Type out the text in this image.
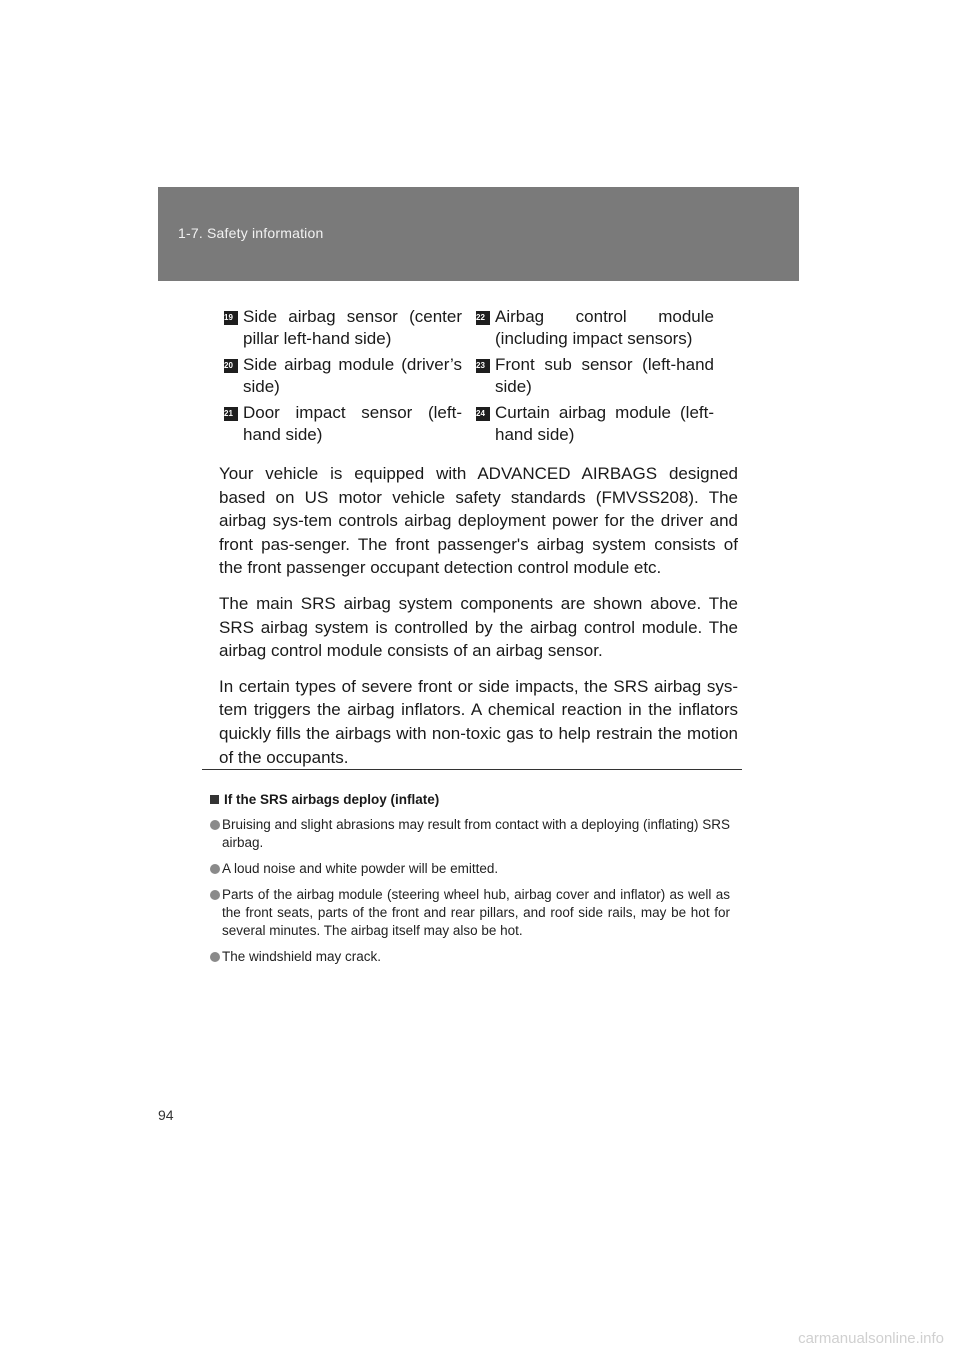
1-7. Safety information
19 Side airbag sensor (center pillar left-hand side)
20 Side airbag module (driver’s side)
21 Door impact sensor (left-hand side)
22 Airbag control module (including impact sensors)
23 Front sub sensor (left-hand side)
24 Curtain airbag module (left-hand side)

Your vehicle is equipped with ADVANCED AIRBAGS designed based on US motor vehicle safety standards (FMVSS208). The airbag sys-tem controls airbag deployment power for the driver and front pas-senger. The front passenger's airbag system consists of the front passenger occupant detection control module etc.

The main SRS airbag system components are shown above. The SRS airbag system is controlled by the airbag control module. The airbag control module consists of an airbag sensor.

In certain types of severe front or side impacts, the SRS airbag sys-tem triggers the airbag inflators. A chemical reaction in the inflators quickly fills the airbags with non-toxic gas to help restrain the motion of the occupants.

If the SRS airbags deploy (inflate)
Bruising and slight abrasions may result from contact with a deploying (inflating) SRS airbag.
A loud noise and white powder will be emitted.
Parts of the airbag module (steering wheel hub, airbag cover and inflator) as well as the front seats, parts of the front and rear pillars, and roof side rails, may be hot for several minutes. The airbag itself may also be hot.
The windshield may crack.
94
carmanualsonline.info
